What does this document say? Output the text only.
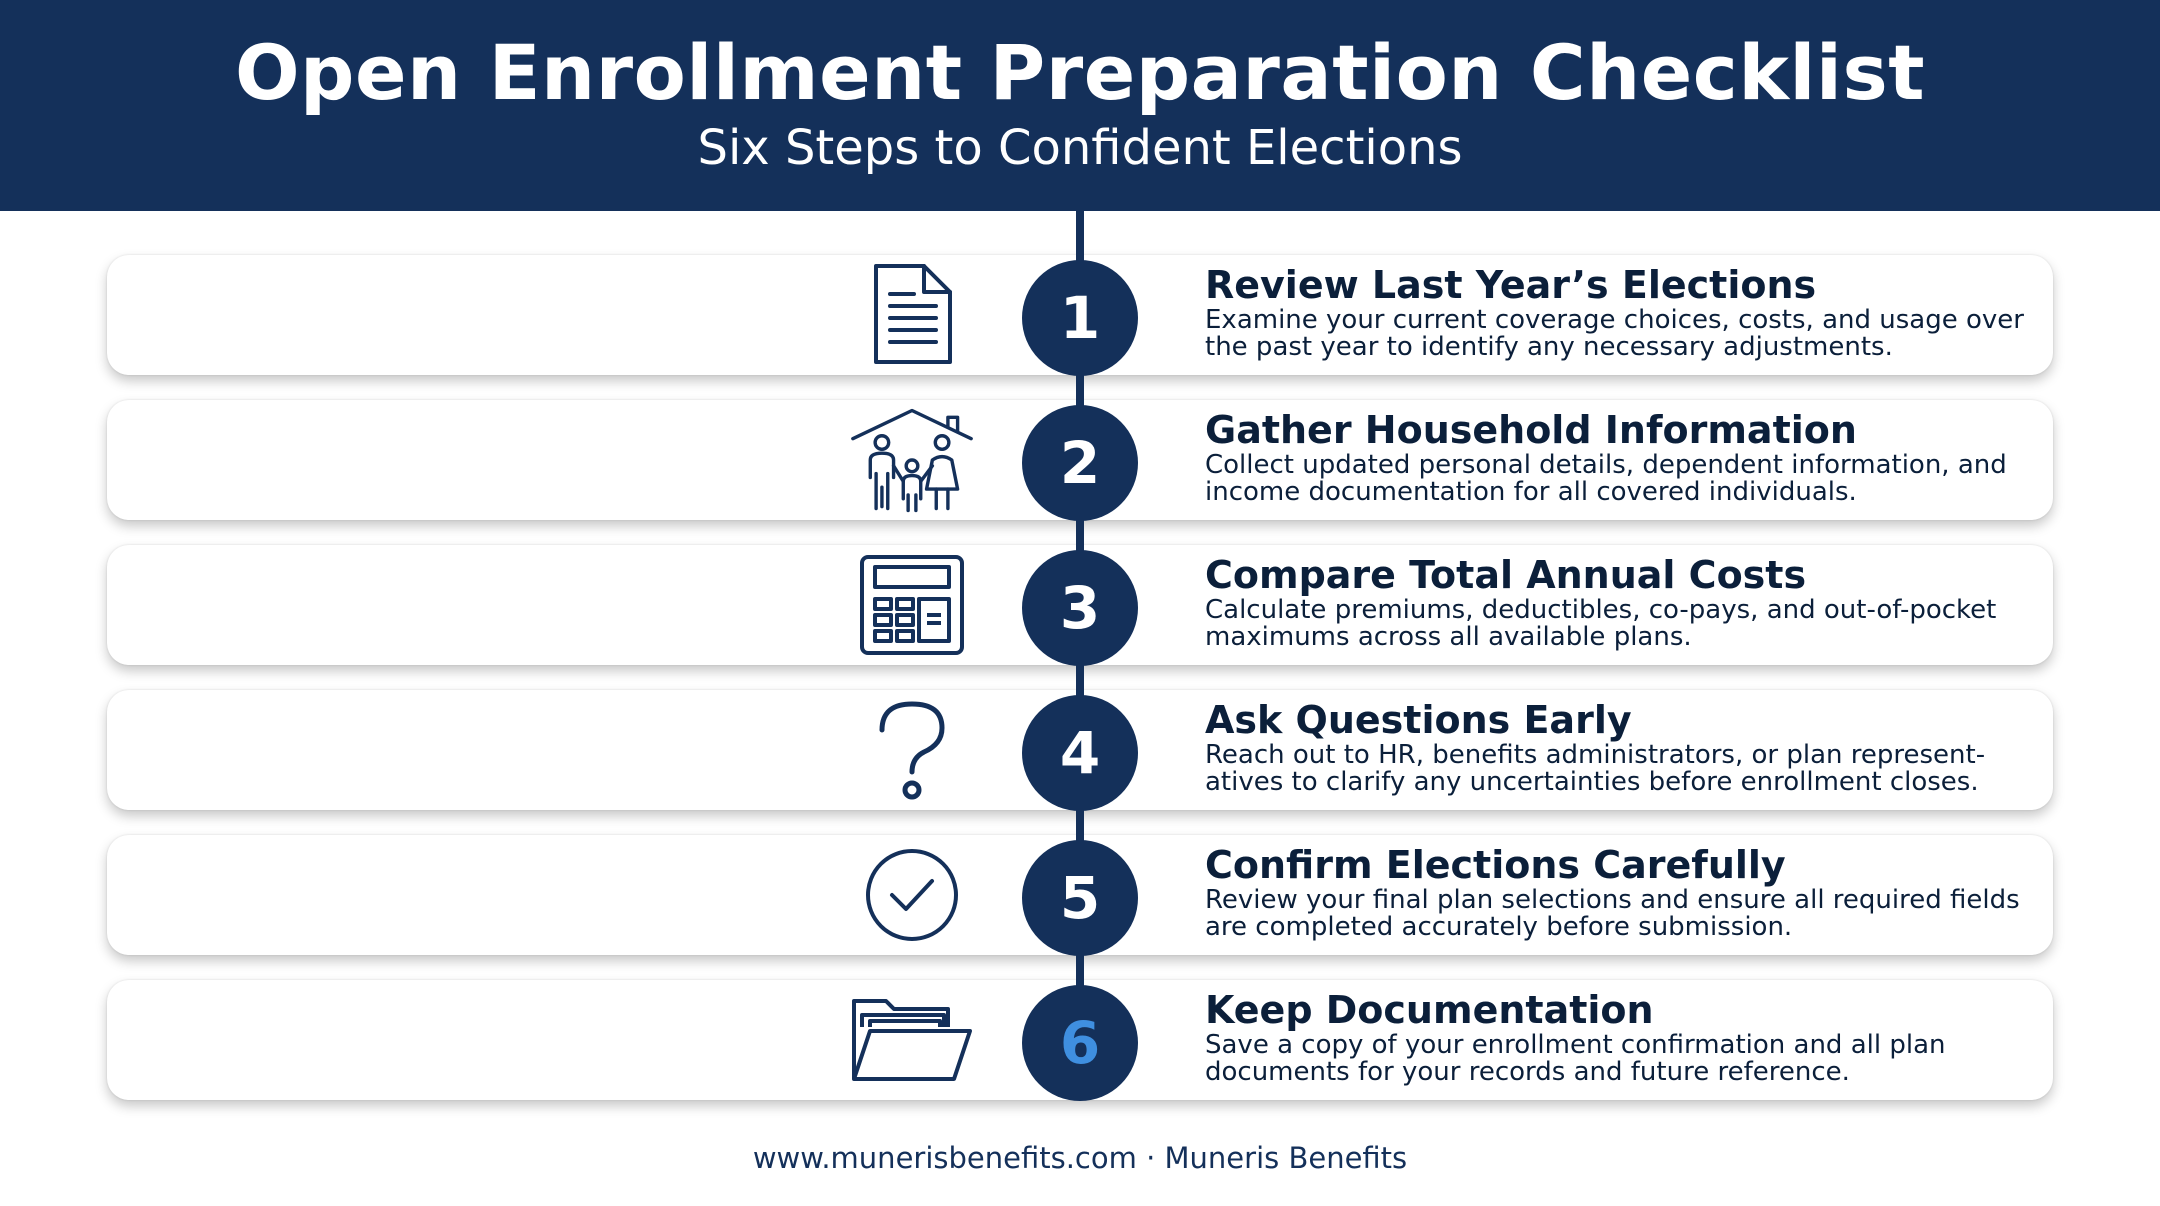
Open Enrollment Preparation Checklist
Six Steps to Confident Elections
Review Last Year’s Elections
Examine your current coverage choices, costs, and usage over the past year to identify any necessary adjustments.
1
Gather Household Information
Collect updated personal details, dependent information, and income documentation for all covered individuals.
2
Compare Total Annual Costs
Calculate premiums, deductibles, co-pays, and out-of-pocket maximums across all available plans.
3
Ask Questions Early
Reach out to HR, benefits administrators, or plan represent-atives to clarify any uncertainties before enrollment closes.
4
Confirm Elections Carefully
Review your final plan selections and ensure all required fields are completed accurately before submission.
5
Keep Documentation
Save a copy of your enrollment confirmation and all plan documents for your records and future reference.
6
www.munerisbenefits.com · Muneris Benefits
